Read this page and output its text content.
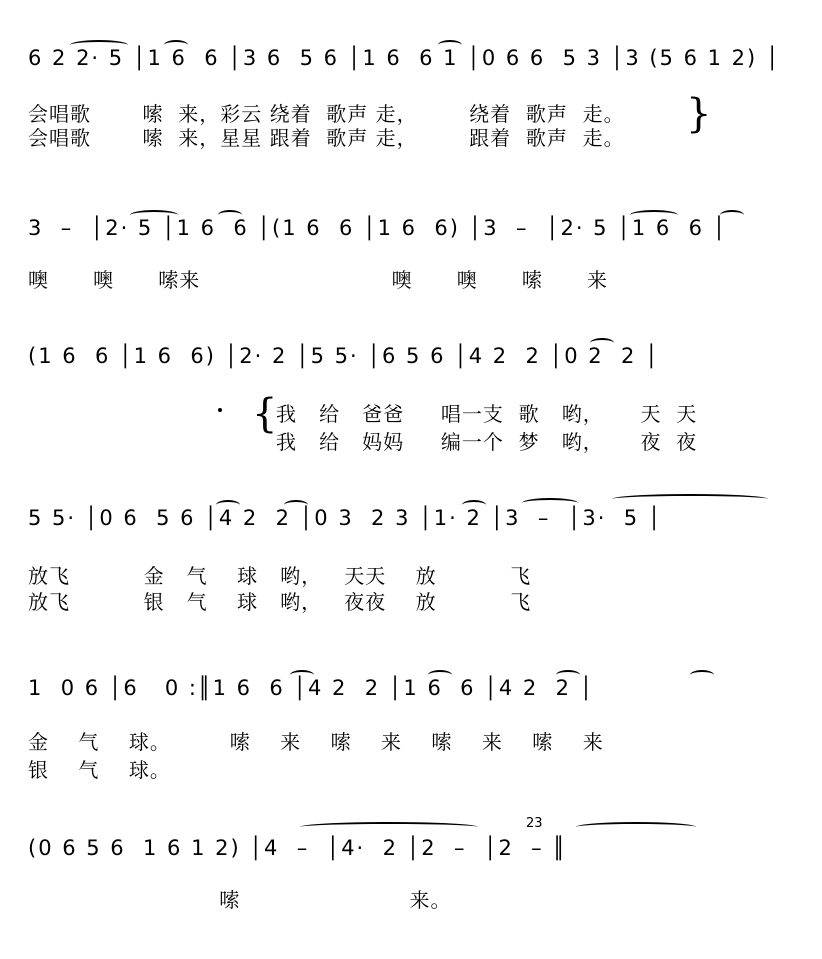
6 2 2· 5 │1 6  6 │3 6  5 6 │1 6  6 1 │0 6 6  5 3 │3 (5 6 1 2) │
会唱歌       嗦  来，彩云 绕着  歌声 走，       绕着  歌声  走。
会唱歌       嗦  来，星星 跟着  歌声 走，       跟着  歌声  走。
}
3  –  │2· 5 │1 6  6 │(1 6  6 │1 6  6) │3  –  │2· 5 │1 6  6 │
噢      噢      嗦来                          噢      噢      嗦      来
(1 6  6 │1 6  6) │2· 2 │5 5· │6 5 6 │4 2  2 │0 2  2 │
{
我   给   爸爸     唱一支  歌   哟，     天  天
我   给   妈妈     编一个  梦   哟，     夜  夜
5 5· │0 6  5 6 │4 2  2 │0 3  2 3 │1· 2 │3  –  │3·  5 │
放飞          金   气    球   哟，   天天    放          飞
放飞          银   气    球   哟，   夜夜    放          飞
1  0 6 │6   0 :║1 6  6 │4 2  2 │1 6  6 │4 2  2 │
金    气    球。        嗦    来    嗦    来    嗦    来    嗦    来
银    气    球。
(0 6 5 6  1 6 1 2) │4  –  │4·  2 │2  –  │2  – ║
23
嗦                       来。
